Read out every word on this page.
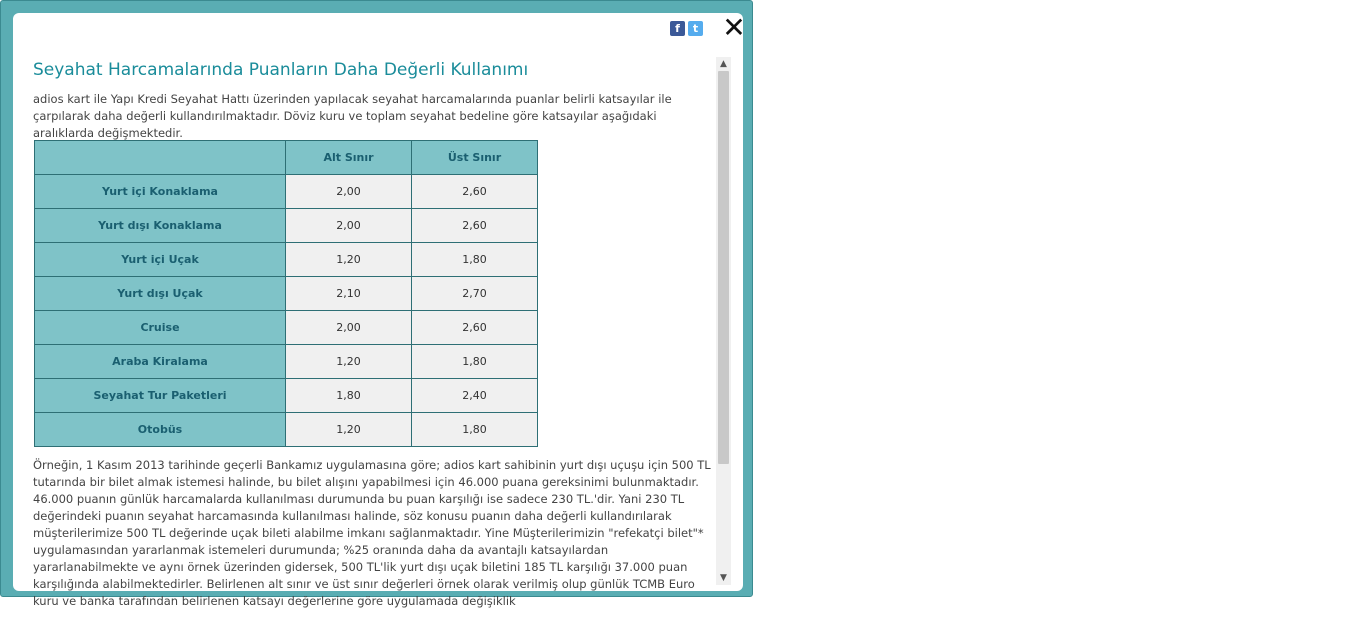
f	t
Seyahat Harcamalarında Puanların Daha Değerli Kullanımı

adios kart ile Yapı Kredi Seyahat Hattı üzerinden yapılacak seyahat harcamalarında puanlar belirli katsayılar ile çarpılarak daha değerli kullandırılmaktadır. Döviz kuru ve toplam seyahat bedeline göre katsayılar aşağıdaki aralıklarda değişmektedir.

	Alt Sınır	Üst Sınır
Yurt içi Konaklama	2,00	2,60
Yurt dışı Konaklama	2,00	2,60
Yurt içi Uçak	1,20	1,80
Yurt dışı Uçak	2,10	2,70
Cruise	2,00	2,60
Araba Kiralama	1,20	1,80
Seyahat Tur Paketleri	1,80	2,40
Otobüs	1,20	1,80

Örneğin, 1 Kasım 2013 tarihinde geçerli Bankamız uygulamasına göre; adios kart sahibinin yurt dışı uçuşu için 500 TL tutarında bir bilet almak istemesi halinde, bu bilet alışını yapabilmesi için 46.000 puana gereksinimi bulunmaktadır. 46.000 puanın günlük harcamalarda kullanılması durumunda bu puan karşılığı ise sadece 230 TL.'dir. Yani 230 TL değerindeki puanın seyahat harcamasında kullanılması halinde, söz konusu puanın daha değerli kullandırılarak müşterilerimize 500 TL değerinde uçak bileti alabilme imkanı sağlanmaktadır. Yine Müşterilerimizin "refekatçi bilet"* uygulamasından yararlanmak istemeleri durumunda; %25 oranında daha da avantajlı katsayılardan yararlanabilmekte ve aynı örnek üzerinden gidersek, 500 TL'lik yurt dışı uçak biletini 185 TL karşılığı 37.000 puan karşılığında alabilmektedirler. Belirlenen alt sınır ve üst sınır değerleri örnek olarak verilmiş olup günlük TCMB Euro kuru ve banka tarafından belirlenen katsayı değerlerine göre uygulamada değişiklik

▲
▼
✕
